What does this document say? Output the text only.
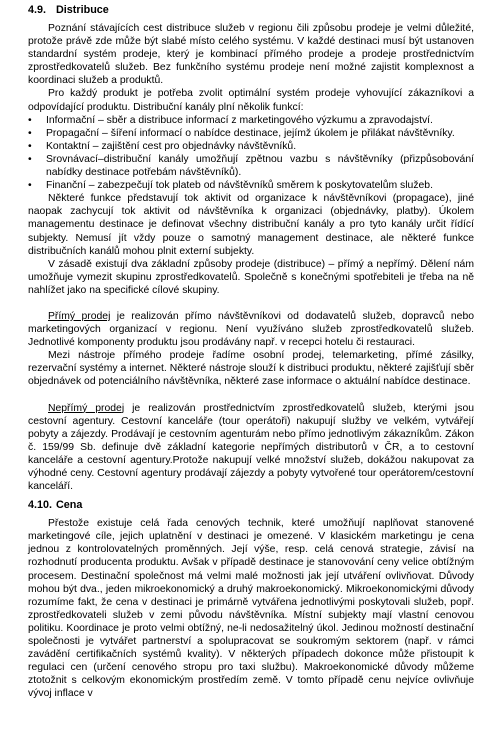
4.9. Distribuce

Poznání stávajících cest distribuce služeb v regionu čili způsobu prodeje je velmi důležité, protože právě zde může být slabé místo celého systému. V každé destinaci musí být ustanoven standardní systém prodeje, který je kombinací přímého prodeje a prodeje prostřednictvím zprostředkovatelů služeb. Bez funkčního systému prodeje není možné zajistit komplexnost a koordinaci služeb a produktů.

Pro každý produkt je potřeba zvolit optimální systém prodeje vyhovující zákazníkovi a odpovídající produktu. Distribuční kanály plní několik funkcí:

•	Informační – sběr a distribuce informací z marketingového výzkumu a zpravodajství.
•	Propagační – šíření informací o nabídce destinace, jejímž úkolem je přilákat návštěvníky.
•	Kontaktní – zajištění cest pro objednávky návštěvníků.
•	Srovnávací–distribuční kanály umožňují zpětnou vazbu s návštěvníky (přizpůsobování nabídky destinace potřebám návštěvníků).
•	Finanční – zabezpečují tok plateb od návštěvníků směrem k poskytovatelům služeb.

Některé funkce představují tok aktivit od organizace k návštěvníkovi (propagace), jiné naopak zachycují tok aktivit od návštěvníka k organizaci (objednávky, platby). Úkolem managementu destinace je definovat všechny distribuční kanály a pro tyto kanály určit řídící subjekty. Nemusí jít vždy pouze o samotný management destinace, ale některé funkce distribučních kanálů mohou plnit externí subjekty.

V zásadě existují dva základní způsoby prodeje (distribuce) – přímý a nepřímý. Dělení nám umožňuje vymezit skupinu zprostředkovatelů. Společně s konečnými spotřebiteli je třeba na ně nahlížet jako na specifické cílové skupiny.

Přímý prodej je realizován přímo návštěvníkovi od dodavatelů služeb, dopravců nebo marketingových organizací v regionu. Není využíváno služeb zprostředkovatelů služeb. Jednotlivé komponenty produktu jsou prodávány např. v recepci hotelu či restauraci.

Mezi nástroje přímého prodeje řadíme osobní prodej, telemarketing, přímé zásilky, rezervační systémy a internet. Některé nástroje slouží k distribuci produktu, některé zajišťují sběr objednávek od potenciálního návštěvníka, některé zase informace o aktuální nabídce destinace.

Nepřímý prodej je realizován prostřednictvím zprostředkovatelů služeb, kterými jsou cestovní agentury. Cestovní kanceláře (tour operátoři) nakupují služby ve velkém, vytvářejí pobyty a zájezdy. Prodávají je cestovním agenturám nebo přímo jednotlivým zákazníkům. Zákon č. 159/99 Sb. definuje dvě základní kategorie nepřímých distributorů v ČR, a to cestovní kanceláře a cestovní agentury.Protože nakupují velké množství služeb, dokážou nakupovat za výhodné ceny. Cestovní agentury prodávají zájezdy a pobyty vytvořené tour operátorem/cestovní kanceláří.

4.10. Cena

Přestože existuje celá řada cenových technik, které umožňují naplňovat stanovené marketingové cíle, jejich uplatnění v destinaci je omezené. V klasickém marketingu je cena jednou z kontrolovatelných proměnných. Její výše, resp. celá cenová strategie, závisí na rozhodnutí producenta produktu. Avšak v případě destinace je stanovování ceny velice obtížným procesem. Destinační společnost má velmi malé možnosti jak její utváření ovlivňovat. Důvody mohou být dva., jeden mikroekonomický a druhý makroekonomický. Mikroekonomickými důvody rozumíme fakt, že cena v destinaci je primárně vytvářena jednotlivými poskytovali služeb, popř. zprostředkovateli služeb v zemi původu návštěvníka. Místní subjekty mají vlastní cenovou politiku. Koordinace je proto velmi obtížný, ne-li nedosažitelný úkol. Jedinou možností destinační společnosti je vytvářet partnerství a spolupracovat se soukromým sektorem (např. v rámci zavádění certifikačních systémů kvality). V některých případech dokonce může přistoupit k regulaci cen (určení cenového stropu pro taxi službu). Makroekonomické důvody můžeme ztotožnit s celkovým ekonomickým prostředím země. V tomto případě cenu nejvíce ovlivňuje vývoj inflace v
